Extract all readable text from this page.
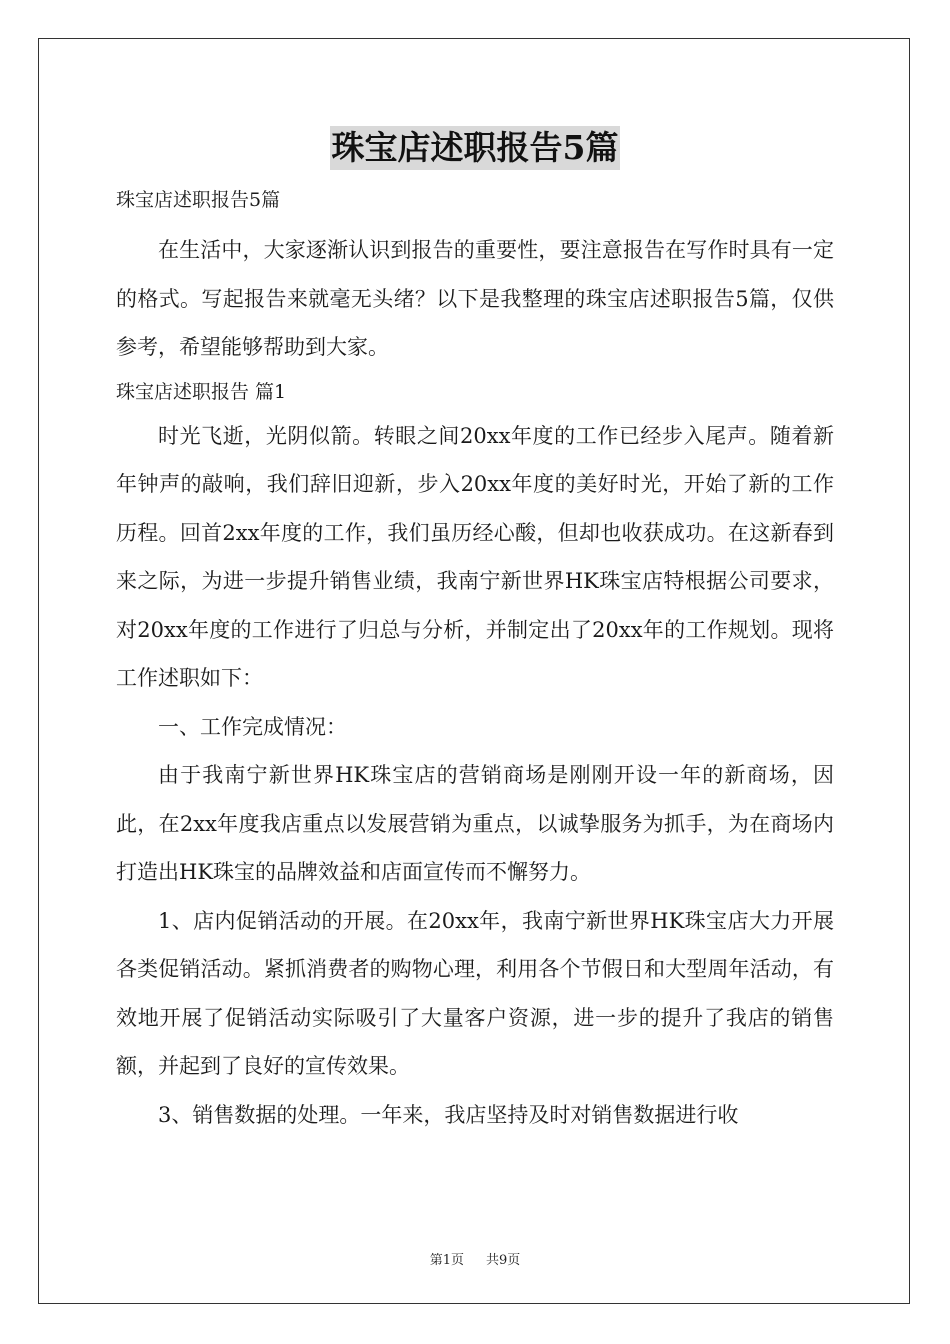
珠宝店述职报告5篇

珠宝店述职报告5篇

在生活中，大家逐渐认识到报告的重要性，要注意报告在写作时具有一定的格式。写起报告来就毫无头绪？以下是我整理的珠宝店述职报告5篇，仅供参考，希望能够帮助到大家。

珠宝店述职报告 篇1

时光飞逝，光阴似箭。转眼之间20xx年度的工作已经步入尾声。随着新年钟声的敲响，我们辞旧迎新，步入20xx年度的美好时光，开始了新的工作历程。回首2xx年度的工作，我们虽历经心酸，但却也收获成功。在这新春到来之际，为进一步提升销售业绩，我南宁新世界HK珠宝店特根据公司要求，对20xx年度的工作进行了归总与分析，并制定出了20xx年的工作规划。现将工作述职如下：

一、工作完成情况：

由于我南宁新世界HK珠宝店的营销商场是刚刚开设一年的新商场，因此，在2xx年度我店重点以发展营销为重点，以诚挚服务为抓手，为在商场内打造出HK珠宝的品牌效益和店面宣传而不懈努力。

1、店内促销活动的开展。在20xx年，我南宁新世界HK珠宝店大力开展各类促销活动。紧抓消费者的购物心理，利用各个节假日和大型周年活动，有效地开展了促销活动实际吸引了大量客户资源，进一步的提升了我店的销售额，并起到了良好的宣传效果。

3、销售数据的处理。一年来，我店坚持及时对销售数据进行收

第1页 共9页
